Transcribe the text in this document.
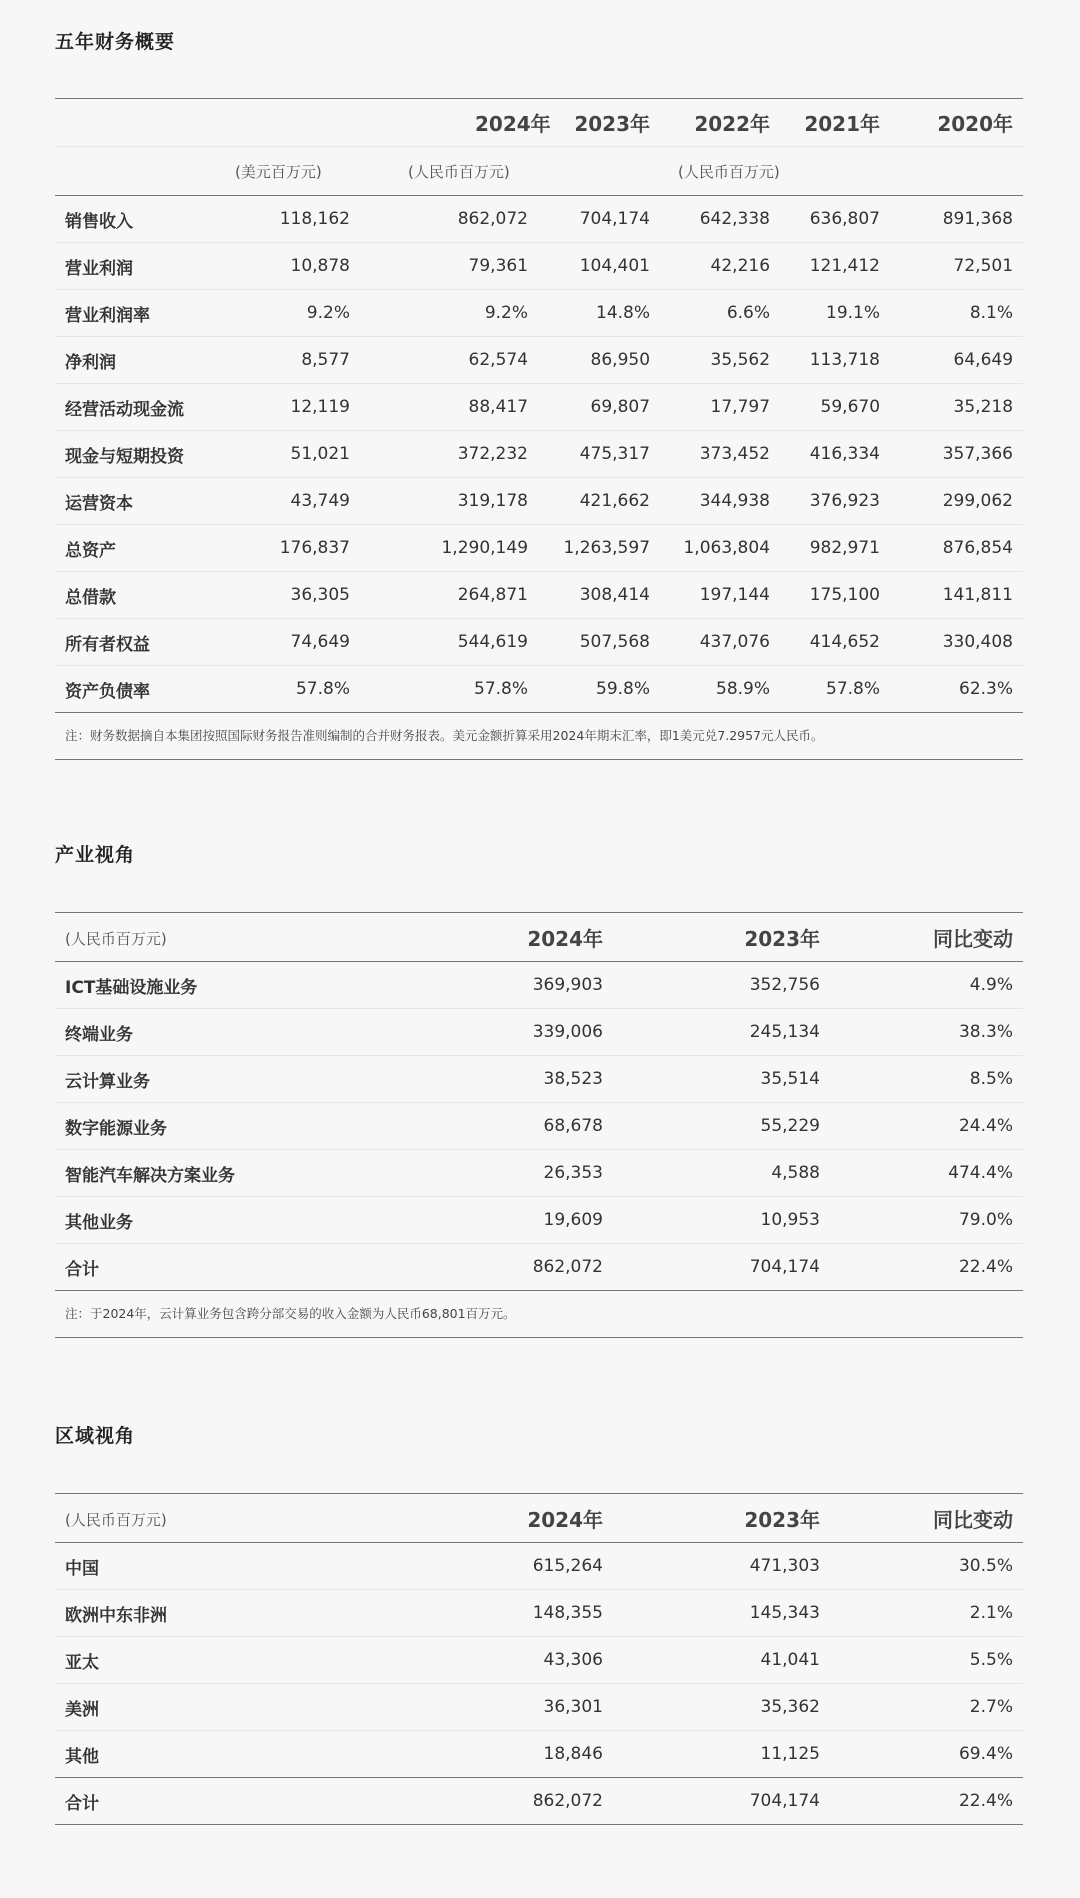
五年财务概要
	2024年		2023年	2022年	2021年	2020年
	(美元百万元)	(人民币百万元)	(人民币百万元)			
销售收入	118,162	862,072	704,174	642,338	636,807	891,368
营业利润	10,878	79,361	104,401	42,216	121,412	72,501
营业利润率	9.2%	9.2%	14.8%	6.6%	19.1%	8.1%
净利润	8,577	62,574	86,950	35,562	113,718	64,649
经营活动现金流	12,119	88,417	69,807	17,797	59,670	35,218
现金与短期投资	51,021	372,232	475,317	373,452	416,334	357,366
运营资本	43,749	319,178	421,662	344,938	376,923	299,062
总资产	176,837	1,290,149	1,263,597	1,063,804	982,971	876,854
总借款	36,305	264,871	308,414	197,144	175,100	141,811
所有者权益	74,649	544,619	507,568	437,076	414,652	330,408
资产负债率	57.8%	57.8%	59.8%	58.9%	57.8%	62.3%
注：财务数据摘自本集团按照国际财务报告准则编制的合并财务报表。美元金额折算采用2024年期末汇率，即1美元兑7.2957元人民币。
产业视角
(人民币百万元)	2024年	2023年	同比变动
ICT基础设施业务	369,903	352,756	4.9%
终端业务	339,006	245,134	38.3%
云计算业务	38,523	35,514	8.5%
数字能源业务	68,678	55,229	24.4%
智能汽车解决方案业务	26,353	4,588	474.4%
其他业务	19,609	10,953	79.0%
合计	862,072	704,174	22.4%
注：于2024年，云计算业务包含跨分部交易的收入金额为人民币68,801百万元。
区域视角
(人民币百万元)	2024年	2023年	同比变动
中国	615,264	471,303	30.5%
欧洲中东非洲	148,355	145,343	2.1%
亚太	43,306	41,041	5.5%
美洲	36,301	35,362	2.7%
其他	18,846	11,125	69.4%
合计	862,072	704,174	22.4%
